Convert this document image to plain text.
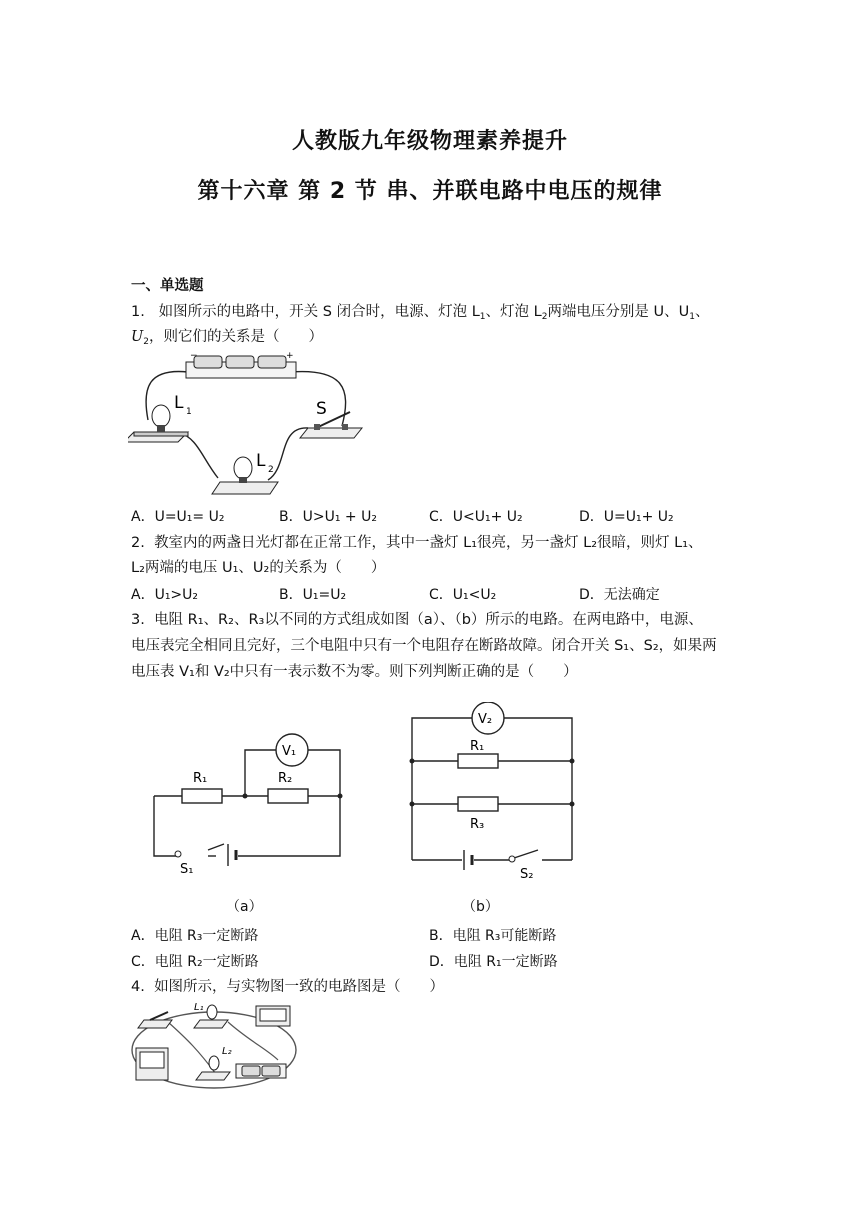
人教版九年级物理素养提升
第十六章 第 2 节 串、并联电路中电压的规律
一、单选题
1. 如图所示的电路中，开关 S 闭合时，电源、灯泡 $L_1$、灯泡 $L_2$两端电压分别是 U、$U_1$、
$U_2$，则它们的关系是（　　）
−	+
L 1	S
L 2
A．U=U₁= U₂	B．U>U₁ + U₂	C．U<U₁+ U₂	D．U=U₁+ U₂
2. 教室内的两盏日光灯都在正常工作，其中一盏灯 L₁很亮，另一盏灯 L₂很暗，则灯 L₁、
L₂两端的电压 U₁、U₂的关系为（　　）
A．U₁>U₂	B．U₁=U₂	C．U₁<U₂	D．无法确定
3. 电阻 R₁、R₂、R₃以不同的方式组成如图（a）、（b）所示的电路。在两电路中，电源、
电压表完全相同且完好，三个电阻中只有一个电阻存在断路故障。闭合开关 S₁、S₂，如果两
电压表 V₁和 V₂中只有一表示数不为零。则下列判断正确的是（　　）
R₁	R₂
V₁
S₁
（a）
R₁
R₃
V₂
S₂
（b）
A．电阻 R₃一定断路	B．电阻 R₃可能断路
C．电阻 R₂一定断路	D．电阻 R₁一定断路
4. 如图所示，与实物图一致的电路图是（　　）
L₁
L₂
